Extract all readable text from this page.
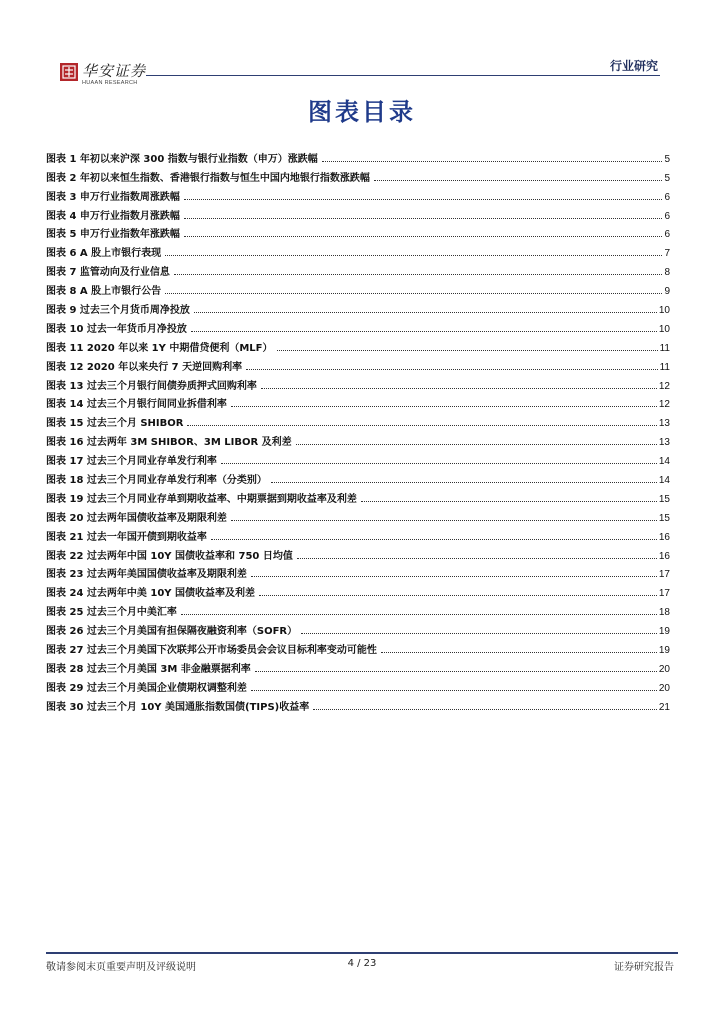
华安证券
HUAAN RESEARCH
行业研究
图表目录
图表 1 年初以来沪深 300 指数与银行业指数（申万）涨跌幅	5
图表 2 年初以来恒生指数、香港银行指数与恒生中国内地银行指数涨跌幅	5
图表 3 申万行业指数周涨跌幅	6
图表 4 申万行业指数月涨跌幅	6
图表 5 申万行业指数年涨跌幅	6
图表 6 A 股上市银行表现	7
图表 7 监管动向及行业信息	8
图表 8 A 股上市银行公告	9
图表 9 过去三个月货币周净投放	10
图表 10 过去一年货币月净投放	10
图表 11 2020 年以来 1Y 中期借贷便利（MLF）	11
图表 12 2020 年以来央行 7 天逆回购利率	11
图表 13 过去三个月银行间债券质押式回购利率	12
图表 14 过去三个月银行间同业拆借利率	12
图表 15 过去三个月 SHIBOR	13
图表 16 过去两年 3M SHIBOR、3M LIBOR 及利差	13
图表 17 过去三个月同业存单发行利率	14
图表 18 过去三个月同业存单发行利率（分类别）	14
图表 19 过去三个月同业存单到期收益率、中期票据到期收益率及利差	15
图表 20 过去两年国债收益率及期限利差	15
图表 21 过去一年国开债到期收益率	16
图表 22 过去两年中国 10Y 国债收益率和 750 日均值	16
图表 23 过去两年美国国债收益率及期限利差	17
图表 24 过去两年中美 10Y 国债收益率及利差	17
图表 25 过去三个月中美汇率	18
图表 26 过去三个月美国有担保隔夜融资利率（SOFR）	19
图表 27 过去三个月美国下次联邦公开市场委员会会议目标利率变动可能性	19
图表 28 过去三个月美国 3M 非金融票据利率	20
图表 29 过去三个月美国企业债期权调整利差	20
图表 30 过去三个月 10Y 美国通胀指数国债(TIPS)收益率	21
敬请参阅末页重要声明及评级说明	4 / 23	证券研究报告
